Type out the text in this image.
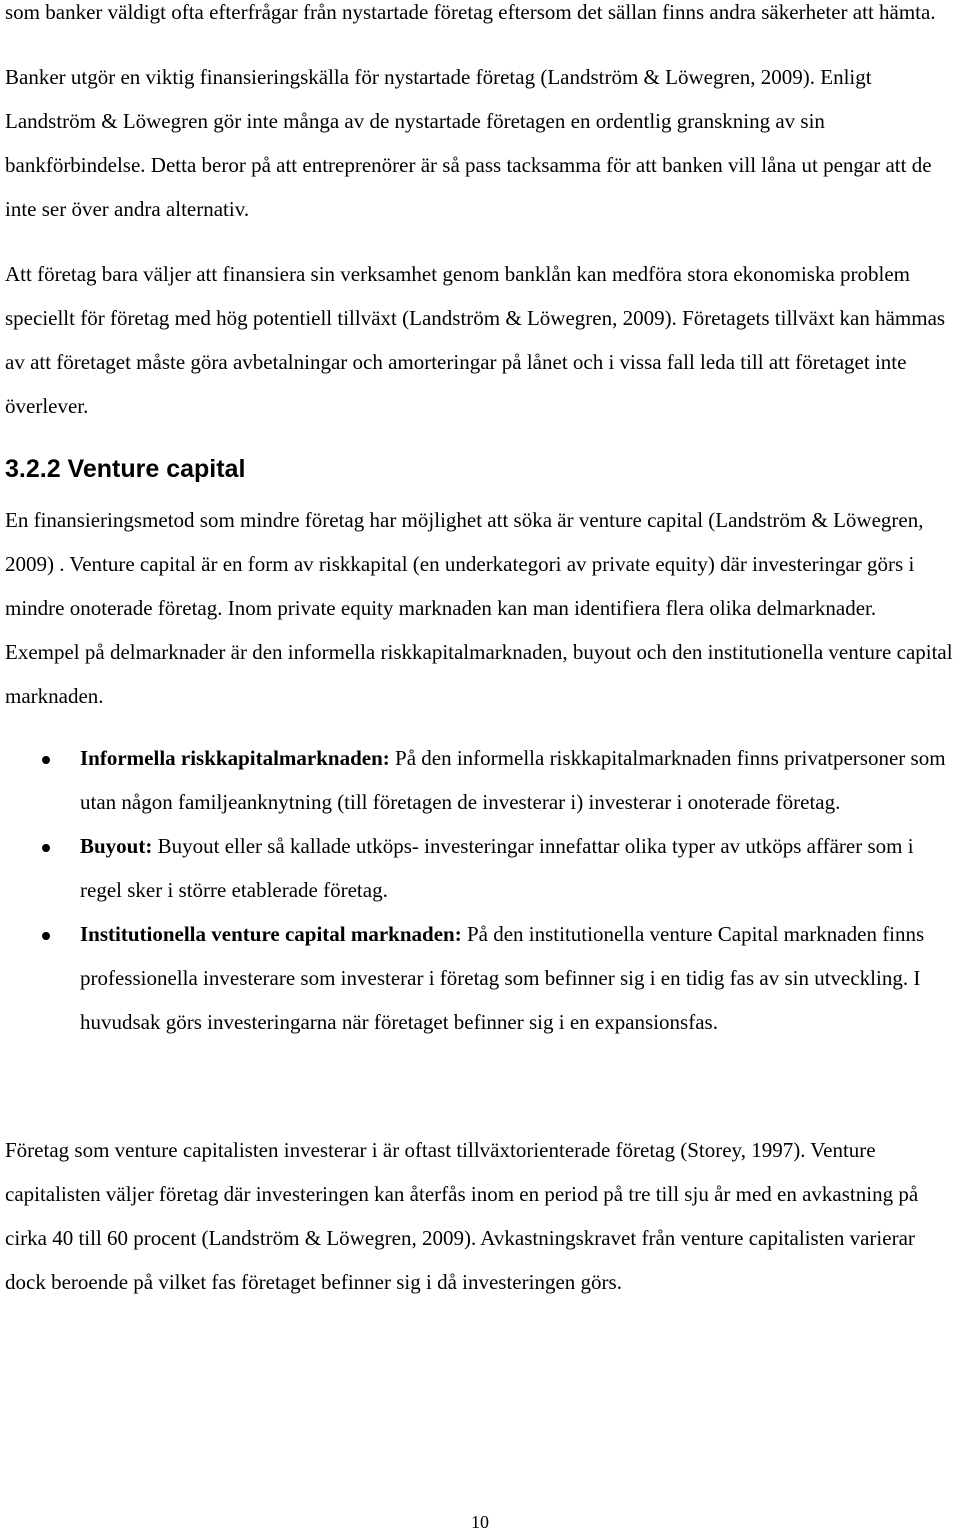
som banker väldigt ofta efterfrågar från nystartade företag eftersom det sällan finns andra säkerheter att hämta.

Banker utgör en viktig finansieringskälla för nystartade företag (Landström & Löwegren, 2009). Enligt Landström & Löwegren gör inte många av de nystartade företagen en ordentlig granskning av sin bankförbindelse. Detta beror på att entreprenörer är så pass tacksamma för att banken vill låna ut pengar att de inte ser över andra alternativ.

Att företag bara väljer att finansiera sin verksamhet genom banklån kan medföra stora ekonomiska problem speciellt för företag med hög potentiell tillväxt (Landström & Löwegren, 2009). Företagets tillväxt kan hämmas av att företaget måste göra avbetalningar och amorteringar på lånet och i vissa fall leda till att företaget inte överlever.

3.2.2 Venture capital

En finansieringsmetod som mindre företag har möjlighet att söka är venture capital (Landström & Löwegren, 2009) . Venture capital är en form av riskkapital (en underkategori av private equity) där investeringar görs i mindre onoterade företag. Inom private equity marknaden kan man identifiera flera olika delmarknader. Exempel på delmarknader är den informella riskkapitalmarknaden, buyout och den institutionella venture capital marknaden.

Informella riskkapitalmarknaden: På den informella riskkapitalmarknaden finns privatpersoner som utan någon familjeanknytning (till företagen de investerar i) investerar i onoterade företag.
Buyout: Buyout eller så kallade utköps- investeringar innefattar olika typer av utköps affärer som i regel sker i större etablerade företag.
Institutionella venture capital marknaden: På den institutionella venture Capital marknaden finns professionella investerare som investerar i företag som befinner sig i en tidig fas av sin utveckling. I huvudsak görs investeringarna när företaget befinner sig i en expansionsfas.

Företag som venture capitalisten investerar i är oftast tillväxtorienterade företag (Storey, 1997). Venture capitalisten väljer företag där investeringen kan återfås inom en period på tre till sju år med en avkastning på cirka 40 till 60 procent (Landström & Löwegren, 2009). Avkastningskravet från venture capitalisten varierar dock beroende på vilket fas företaget befinner sig i då investeringen görs.

10
